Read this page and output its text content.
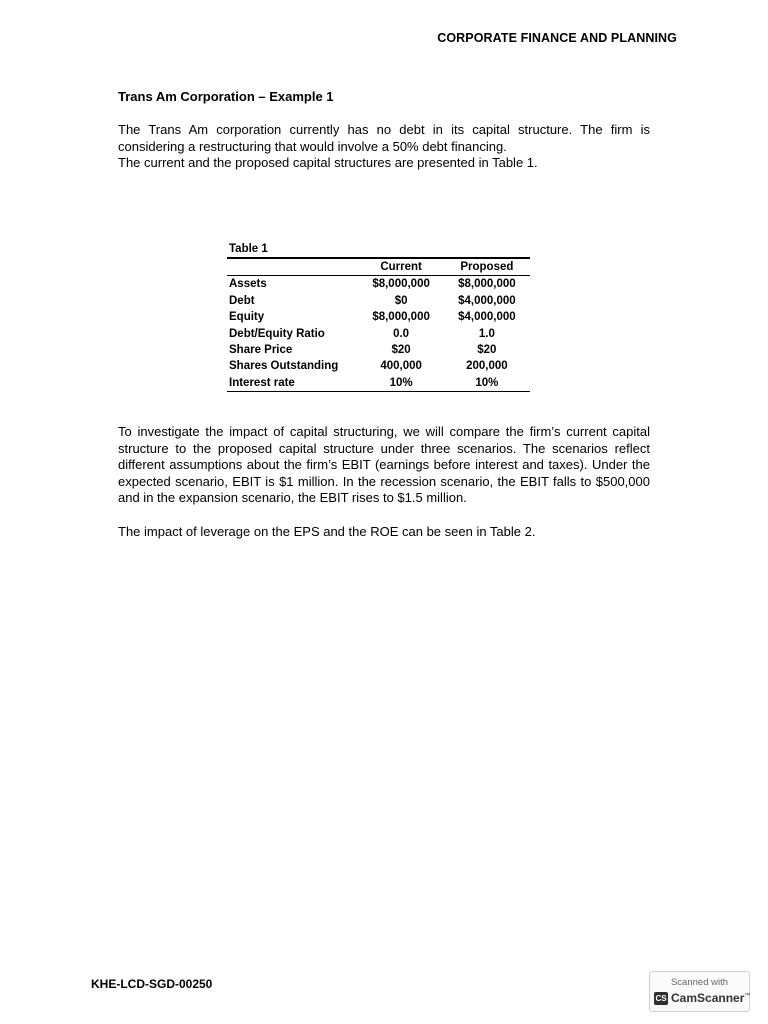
CORPORATE FINANCE AND PLANNING
Trans Am Corporation – Example 1

The Trans Am corporation currently has no debt in its capital structure. The firm is considering a restructuring that would involve a 50% debt financing.

The current and the proposed capital structures are presented in Table 1.

Table 1
	Current	Proposed
Assets	$8,000,000	$8,000,000
Debt	$0	$4,000,000
Equity	$8,000,000	$4,000,000
Debt/Equity Ratio	0.0	1.0
Share Price	$20	$20
Shares Outstanding	400,000	200,000
Interest rate	10%	10%

To investigate the impact of capital structuring, we will compare the firm’s current capital structure to the proposed capital structure under three scenarios. The scenarios reflect different assumptions about the firm’s EBIT (earnings before interest and taxes). Under the expected scenario, EBIT is $1 million. In the recession scenario, the EBIT falls to $500,000 and in the expansion scenario, the EBIT rises to $1.5 million.

The impact of leverage on the EPS and the ROE can be seen in Table 2.

KHE-LCD-SGD-00250	Scanned with
CS CamScanner™
